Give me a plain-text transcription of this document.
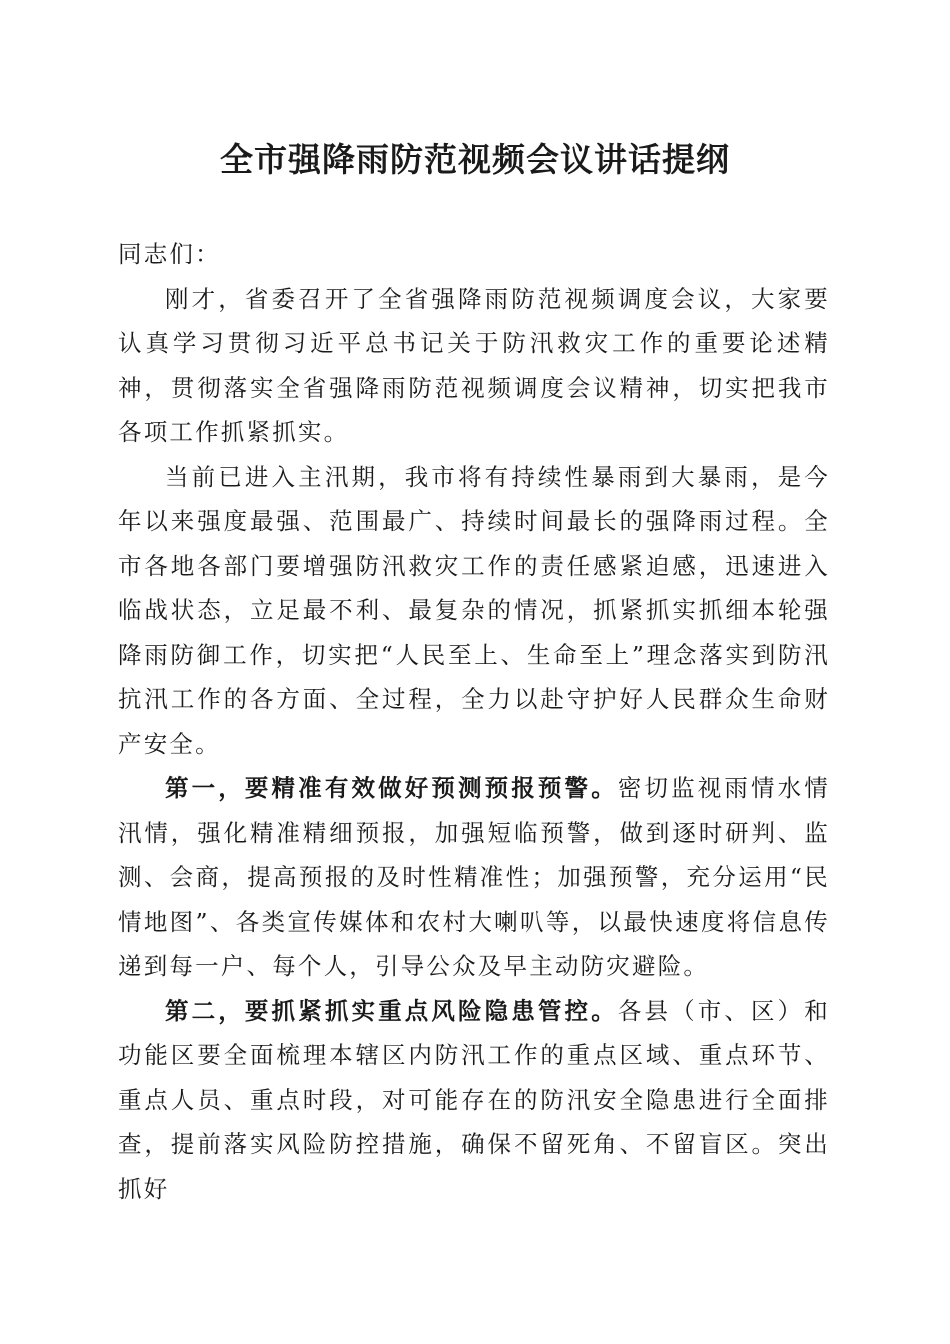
全市强降雨防范视频会议讲话提纲

同志们：

刚才，省委召开了全省强降雨防范视频调度会议，大家要认真学习贯彻习近平总书记关于防汛救灾工作的重要论述精神，贯彻落实全省强降雨防范视频调度会议精神，切实把我市各项工作抓紧抓实。

当前已进入主汛期，我市将有持续性暴雨到大暴雨，是今年以来强度最强、范围最广、持续时间最长的强降雨过程。全市各地各部门要增强防汛救灾工作的责任感紧迫感，迅速进入临战状态，立足最不利、最复杂的情况，抓紧抓实抓细本轮强降雨防御工作，切实把“人民至上、生命至上”理念落实到防汛抗汛工作的各方面、全过程，全力以赴守护好人民群众生命财产安全。

第一，要精准有效做好预测预报预警。密切监视雨情水情汛情，强化精准精细预报，加强短临预警，做到逐时研判、监测、会商，提高预报的及时性精准性；加强预警，充分运用“民情地图”、各类宣传媒体和农村大喇叭等，以最快速度将信息传递到每一户、每个人，引导公众及早主动防灾避险。

第二，要抓紧抓实重点风险隐患管控。各县（市、区）和功能区要全面梳理本辖区内防汛工作的重点区域、重点环节、重点人员、重点时段，对可能存在的防汛安全隐患进行全面排查，提前落实风险防控措施，确保不留死角、不留盲区。突出抓好
